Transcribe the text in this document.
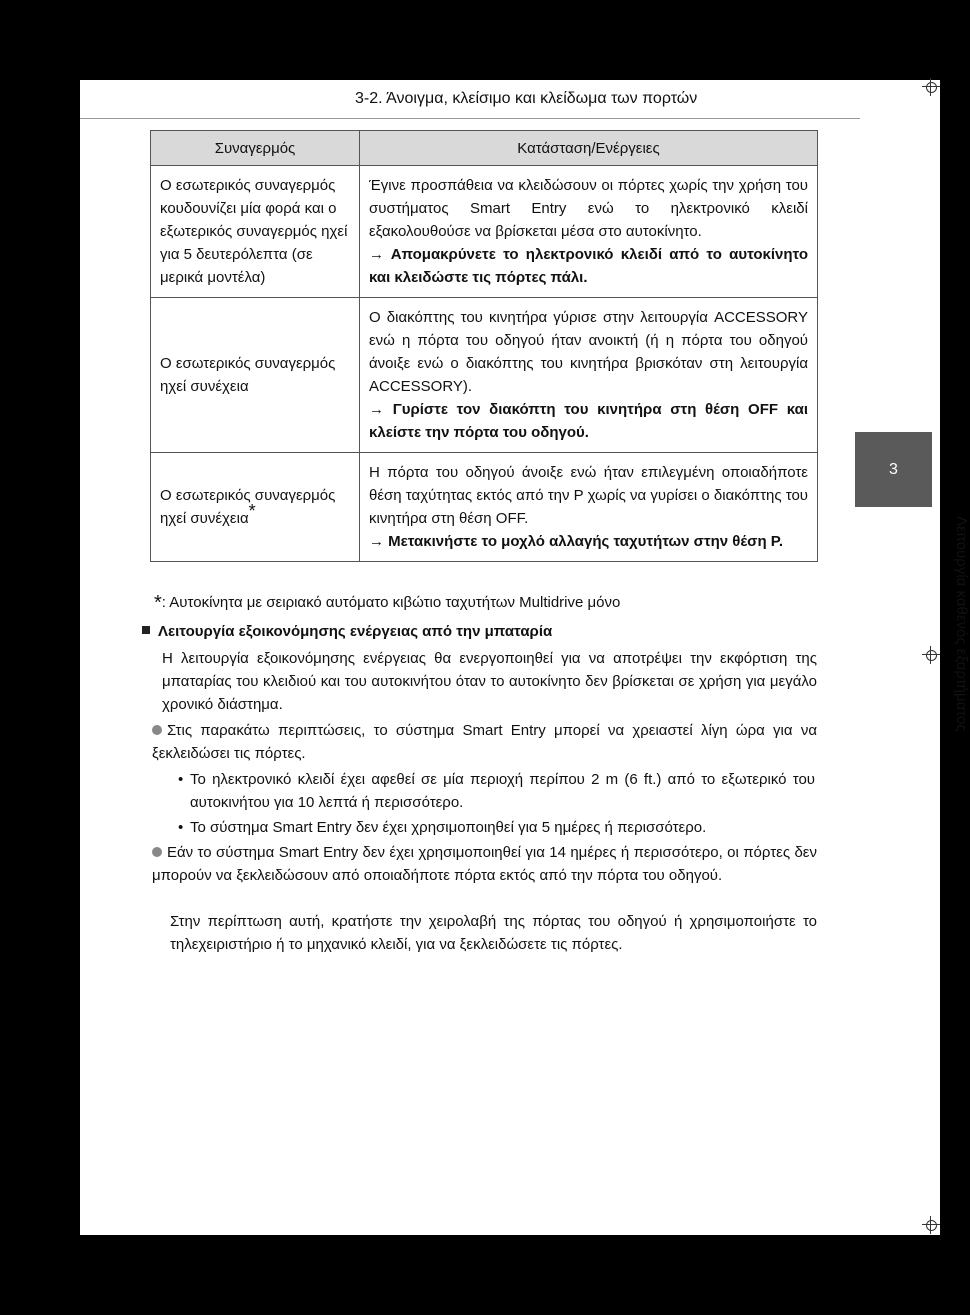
3-2. Άνοιγμα, κλείσιμο και κλείδωμα των πορτών
3
Λειτουργία καθενός εξαρτήματος
Συναγερμός	Κατάσταση/Ενέργειες
Ο εσωτερικός συναγερμός κουδουνίζει μία φορά και ο εξωτερικός συναγερμός ηχεί για 5 δευτερόλεπτα (σε μερικά μοντέλα)	Έγινε προσπάθεια να κλειδώσουν οι πόρτες χωρίς την χρήση του συστήματος Smart Entry ενώ το ηλεκτρονικό κλειδί εξακολουθούσε να βρίσκεται μέσα στο αυτοκίνητο.
→ Απομακρύνετε το ηλεκτρονικό κλειδί από το αυτοκίνητο και κλειδώστε τις πόρτες πάλι.

Ο εσωτερικός συναγερμός ηχεί συνέχεια	Ο διακόπτης του κινητήρα γύρισε στην λειτουργία ACCESSORY ενώ η πόρτα του οδηγού ήταν ανοικτή (ή η πόρτα του οδηγού άνοιξε ενώ ο διακόπτης του κινητήρα βρισκόταν στη λειτουργία ACCESSORY).
→ Γυρίστε τον διακόπτη του κινητήρα στη θέση OFF και κλείστε την πόρτα του οδηγού.

Ο εσωτερικός συναγερμός ηχεί συνέχεια*	Η πόρτα του οδηγού άνοιξε ενώ ήταν επιλεγμένη οποιαδήποτε θέση ταχύτητας εκτός από την P χωρίς να γυρίσει ο διακόπτης του κινητήρα στη θέση OFF.
→ Μετακινήστε το μοχλό αλλαγής ταχυτήτων στην θέση P.
*: Αυτοκίνητα με σειριακό αυτόματο κιβώτιο ταχυτήτων Multidrive μόνο
Λειτουργία εξοικονόμησης ενέργειας από την μπαταρία
Η λειτουργία εξοικονόμησης ενέργειας θα ενεργοποιηθεί για να αποτρέψει την εκφόρτιση της μπαταρίας του κλειδιού και του αυτοκινήτου όταν το αυτοκίνητο δεν βρίσκεται σε χρήση για μεγάλο χρονικό διάστημα.
Στις παρακάτω περιπτώσεις, το σύστημα Smart Entry μπορεί να χρειαστεί λίγη ώρα για να ξεκλειδώσει τις πόρτες.
• Το ηλεκτρονικό κλειδί έχει αφεθεί σε μία περιοχή περίπου 2 m (6 ft.) από το εξωτερικό του αυτοκινήτου για 10 λεπτά ή περισσότερο.
• Το σύστημα Smart Entry δεν έχει χρησιμοποιηθεί για 5 ημέρες ή περισσότερο.
Εάν το σύστημα Smart Entry δεν έχει χρησιμοποιηθεί για 14 ημέρες ή περισσότερο, οι πόρτες δεν μπορούν να ξεκλειδώσουν από οποιαδήποτε πόρτα εκτός από την πόρτα του οδηγού.
Στην περίπτωση αυτή, κρατήστε την χειρολαβή της πόρτας του οδηγού ή χρησιμοποιήστε το τηλεχειριστήριο ή το μηχανικό κλειδί, για να ξεκλειδώσετε τις πόρτες.
